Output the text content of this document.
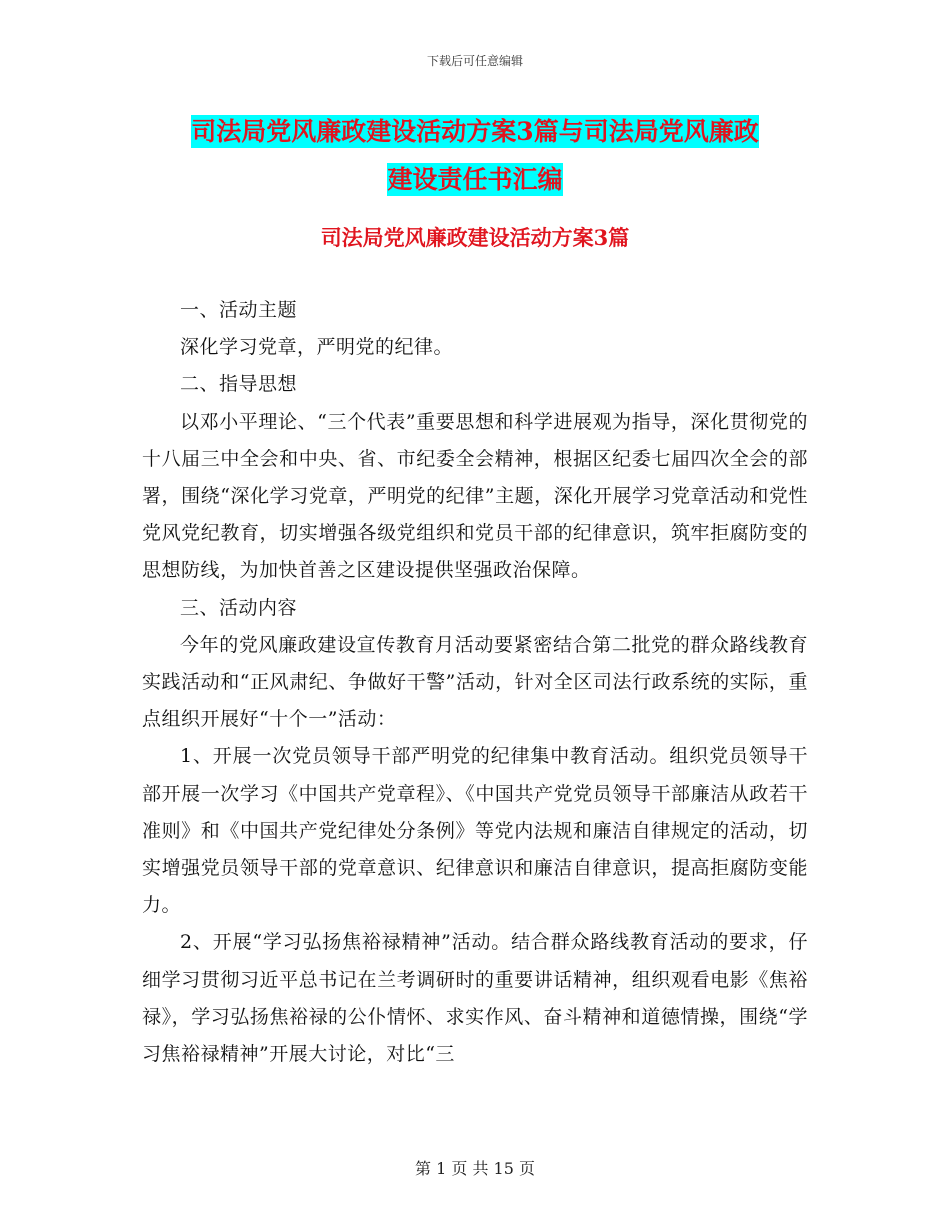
下载后可任意编辑
司法局党风廉政建设活动方案3篇与司法局党风廉政
建设责任书汇编
司法局党风廉政建设活动方案3篇

一、活动主题

深化学习党章，严明党的纪律。

二、指导思想

以邓小平理论、“三个代表”重要思想和科学进展观为指导，深化贯彻党的十八届三中全会和中央、省、市纪委全会精神，根据区纪委七届四次全会的部署，围绕“深化学习党章，严明党的纪律”主题，深化开展学习党章活动和党性党风党纪教育，切实增强各级党组织和党员干部的纪律意识，筑牢拒腐防变的思想防线，为加快首善之区建设提供坚强政治保障。

三、活动内容

今年的党风廉政建设宣传教育月活动要紧密结合第二批党的群众路线教育实践活动和“正风肃纪、争做好干警”活动，针对全区司法行政系统的实际，重点组织开展好“十个一”活动：

1、开展一次党员领导干部严明党的纪律集中教育活动。组织党员领导干部开展一次学习《中国共产党章程》、《中国共产党党员领导干部廉洁从政若干准则》和《中国共产党纪律处分条例》等党内法规和廉洁自律规定的活动，切实增强党员领导干部的党章意识、纪律意识和廉洁自律意识，提高拒腐防变能力。

2、开展“学习弘扬焦裕禄精神”活动。结合群众路线教育活动的要求，仔细学习贯彻习近平总书记在兰考调研时的重要讲话精神，组织观看电影《焦裕禄》，学习弘扬焦裕禄的公仆情怀、求实作风、奋斗精神和道德情操，围绕“学习焦裕禄精神”开展大讨论，对比“三

第 1 页 共 15 页
